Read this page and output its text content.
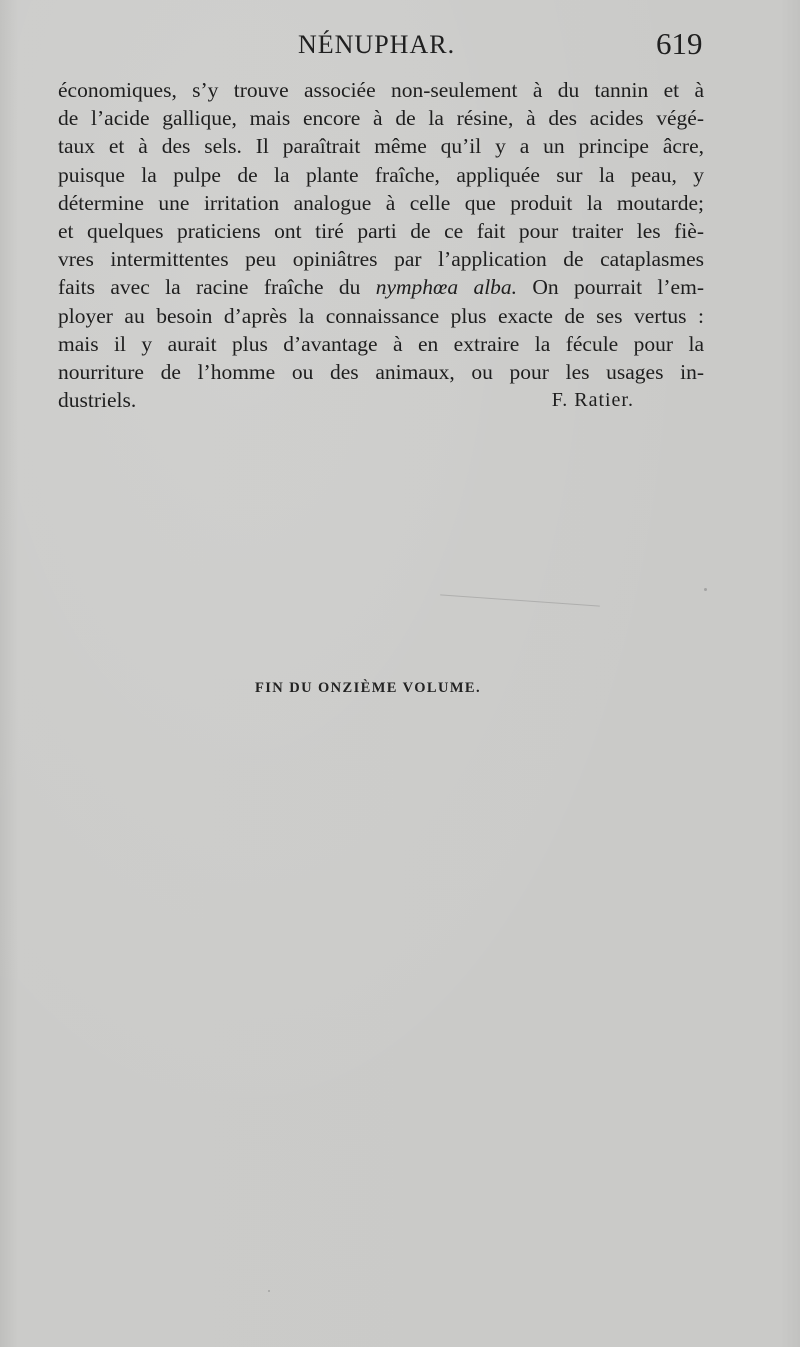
NÉNUPHAR.	619
économiques, s’y trouve associée non-seulement à du tannin et à
de l’acide gallique, mais encore à de la résine, à des acides végé-
taux et à des sels. Il paraîtrait même qu’il y a un principe âcre,
puisque la pulpe de la plante fraîche, appliquée sur la peau, y
détermine une irritation analogue à celle que produit la moutarde;
et quelques praticiens ont tiré parti de ce fait pour traiter les fiè-
vres intermittentes peu opiniâtres par l’application de cataplasmes
faits avec la racine fraîche du nymphœa alba. On pourrait l’em-
ployer au besoin d’après la connaissance plus exacte de ses vertus :
mais il y aurait plus d’avantage à en extraire la fécule pour la
nourriture de l’homme ou des animaux, ou pour les usages in-
dustriels.	F. Ratier.
FIN DU ONZIÈME VOLUME.
